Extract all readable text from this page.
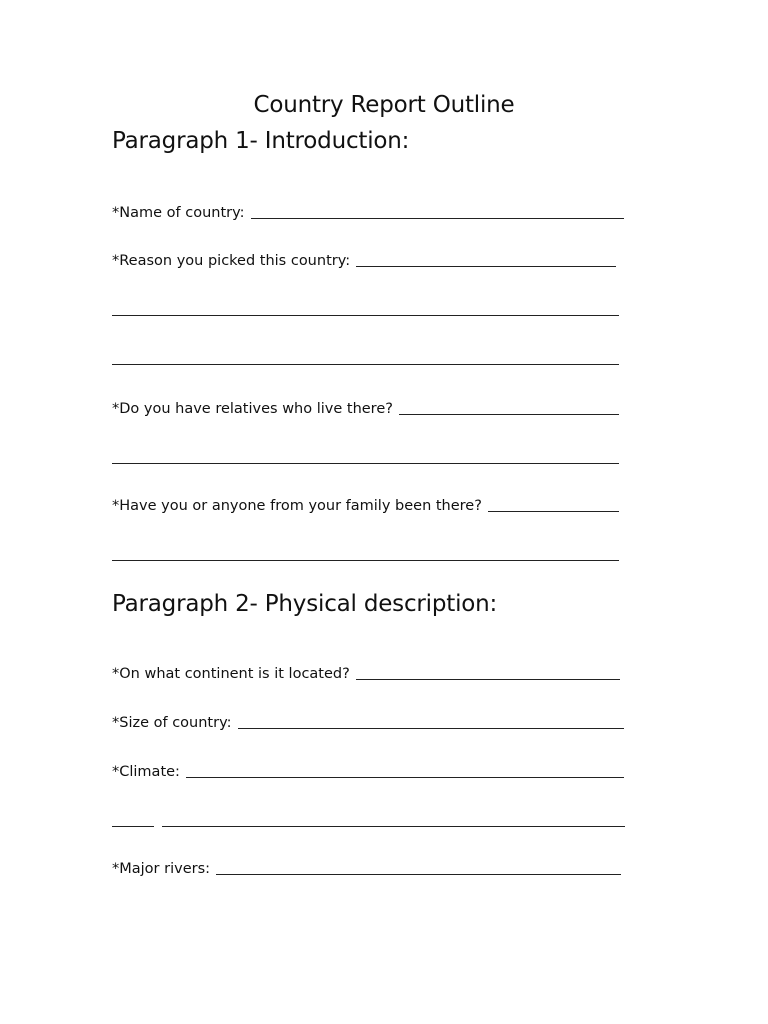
Country Report Outline
Paragraph 1- Introduction:
*Name of country:
*Reason you picked this country:
*Do you have relatives who live there?
*Have you or anyone from your family been there?
Paragraph 2- Physical description:
*On what continent is it located?
*Size of country:
*Climate:
*Major rivers:
